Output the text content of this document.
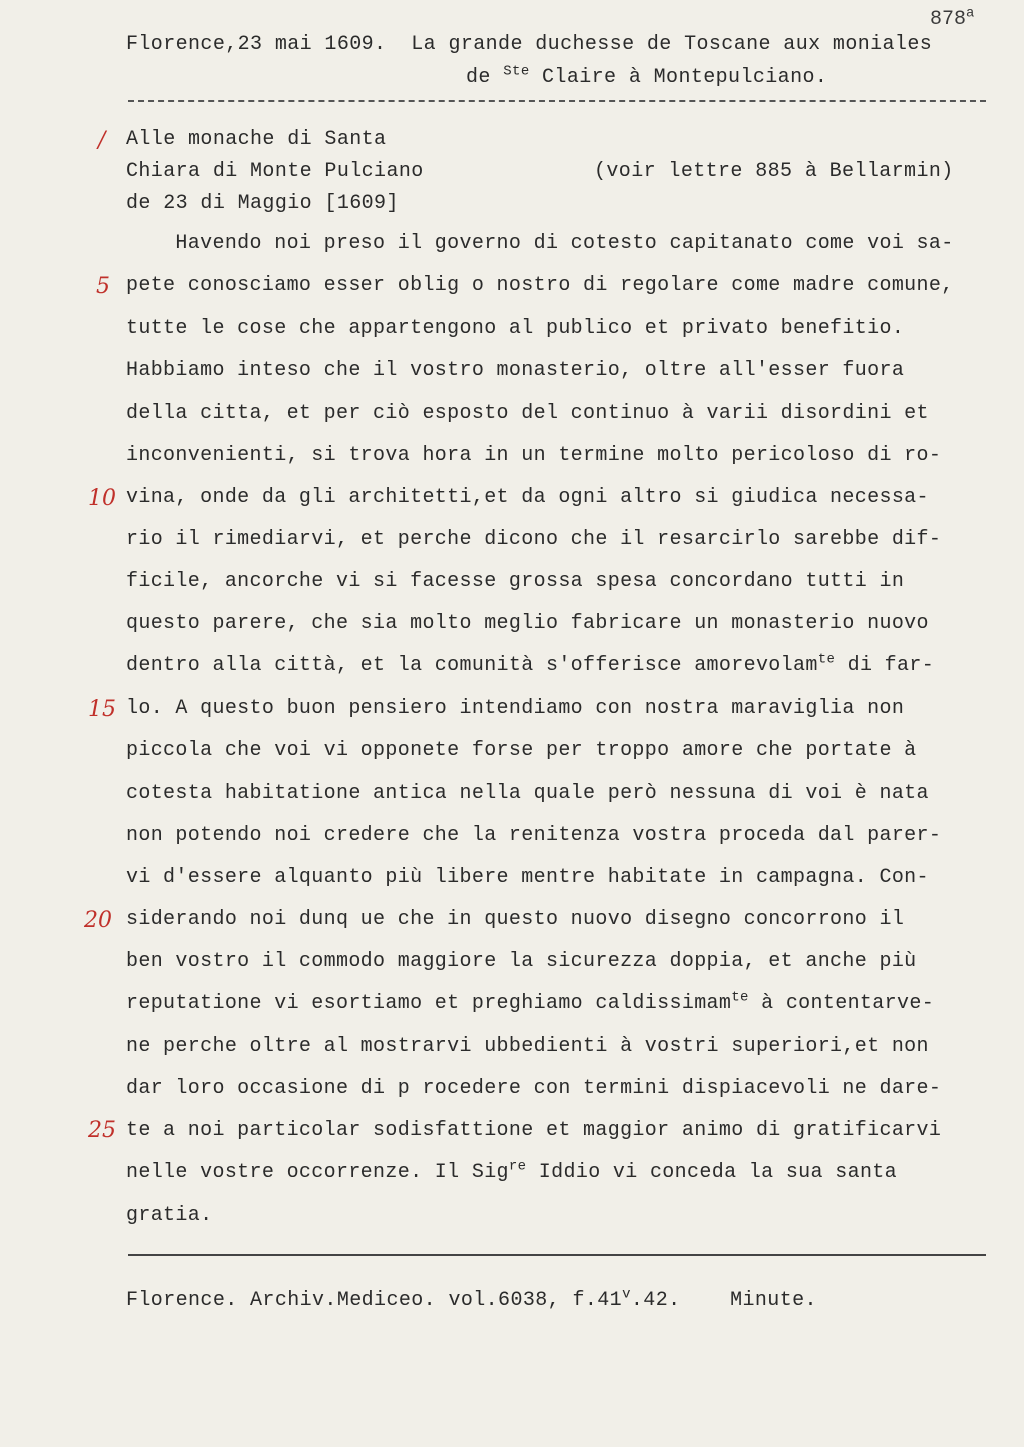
878$^a$
Florence,23 mai 1609.  La grande duchesse de Toscane aux moniales
de $^{Ste}$ Claire à Montepulciano.
/ Alle monache di Santa
Chiara di Monte Pulciano	(voir lettre 885 à Bellarmin)
de 23 di Maggio [1609]
Havendo noi preso il governo di cotesto capitanato come voi sa-
5 pete conosciamo esser oblig o nostro di regolare come madre comune,
tutte le cose che appartengono al publico et privato benefitio.
Habbiamo inteso che il vostro monasterio, oltre all'esser fuora
della citta, et per ciò esposto del continuo à varii disordini et
inconvenienti, si trova hora in un termine molto pericoloso di ro-
10 vina, onde da gli architetti,et da ogni altro si giudica necessa-
rio il rimediarvi, et perche dicono che il resarcirlo sarebbe dif-
ficile, ancorche vi si facesse grossa spesa concordano tutti in
questo parere, che sia molto meglio fabricare un monasterio nuovo
dentro alla città, et la comunità s'offerisce amorevolam$^{te}$ di far-
15 lo. A questo buon pensiero intendiamo con nostra maraviglia non
piccola che voi vi opponete forse per troppo amore che portate à
cotesta habitatione antica nella quale però nessuna di voi è nata
non potendo noi credere che la renitenza vostra proceda dal parer-
vi d'essere alquanto più libere mentre habitate in campagna. Con-
20 siderando noi dunq ue che in questo nuovo disegno concorrono il
ben vostro il commodo maggiore la sicurezza doppia, et anche più
reputatione vi esortiamo et preghiamo caldissimam$^{te}$ à contentarve-
ne perche oltre al mostrarvi ubbedienti à vostri superiori,et non
dar loro occasione di p rocedere con termini dispiacevoli ne dare-
25 te a noi particolar sodisfattione et maggior animo di gratificarvi
nelle vostre occorrenze. Il Sig$^{re}$ Iddio vi conceda la sua santa
gratia.
Florence. Archiv.Mediceo. vol.6038, f.41$^v$.42.    Minute.
